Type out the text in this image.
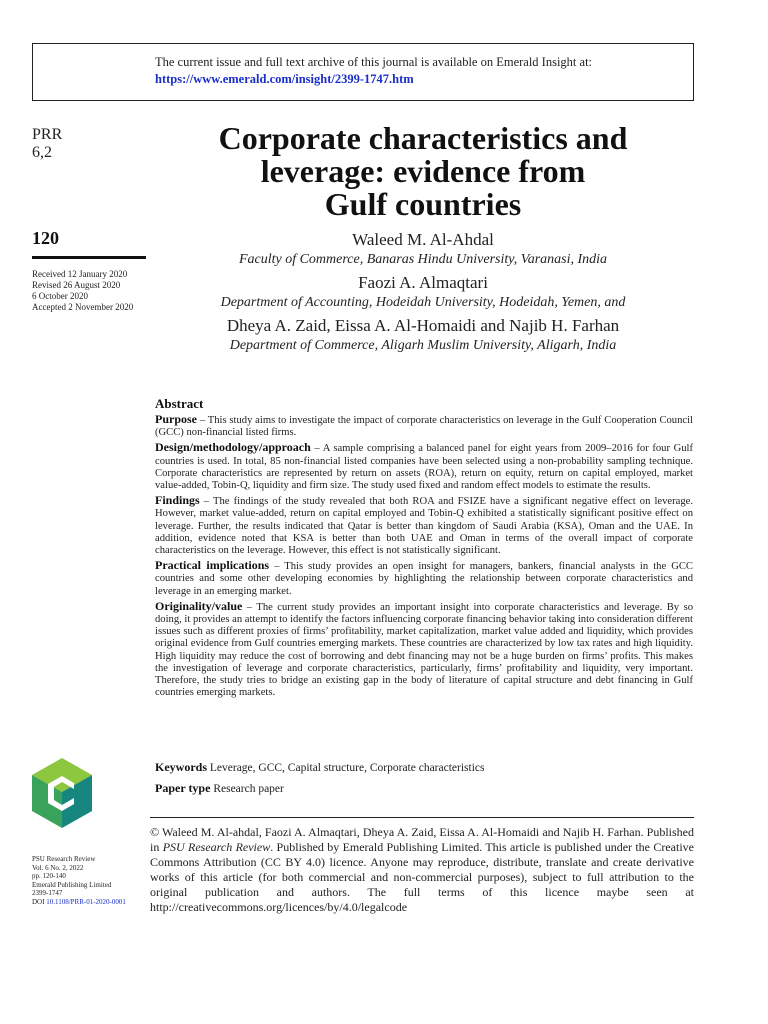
The current issue and full text archive of this journal is available on Emerald Insight at:
https://www.emerald.com/insight/2399-1747.htm
PRR
6,2
120
Received 12 January 2020
Revised 26 August 2020
6 October 2020
Accepted 2 November 2020
Corporate characteristics and
leverage: evidence from
Gulf countries
Waleed M. Al-Ahdal
Faculty of Commerce, Banaras Hindu University, Varanasi, India
Faozi A. Almaqtari
Department of Accounting, Hodeidah University, Hodeidah, Yemen, and
Dheya A. Zaid, Eissa A. Al-Homaidi and Najib H. Farhan
Department of Commerce, Aligarh Muslim University, Aligarh, India
Abstract

Purpose – This study aims to investigate the impact of corporate characteristics on leverage in the Gulf Cooperation Council (GCC) non-financial listed firms.

Design/methodology/approach – A sample comprising a balanced panel for eight years from 2009–2016 for four Gulf countries is used. In total, 85 non-financial listed companies have been selected using a non-probability sampling technique. Corporate characteristics are represented by return on assets (ROA), return on equity, return on capital employed, market value-added, Tobin-Q, liquidity and firm size. The study used fixed and random effect models to estimate the results.

Findings – The findings of the study revealed that both ROA and FSIZE have a significant negative effect on leverage. However, market value-added, return on capital employed and Tobin-Q exhibited a statistically significant positive effect on leverage. Further, the results indicated that Qatar is better than kingdom of Saudi Arabia (KSA), Oman and the UAE. In addition, evidence noted that KSA is better than both UAE and Oman in terms of the overall impact of corporate characteristics on the leverage. However, this effect is not statistically significant.

Practical implications – This study provides an open insight for managers, bankers, financial analysts in the GCC countries and some other developing economies by highlighting the relationship between corporate characteristics and leverage in an emerging market.

Originality/value – The current study provides an important insight into corporate characteristics and leverage. By so doing, it provides an attempt to identify the factors influencing corporate financing behavior taking into consideration different issues such as different proxies of firms’ profitability, market capitalization, market value added and liquidity, which provides original evidence from Gulf countries emerging markets. These countries are characterized by low tax rates and high liquidity. High liquidity may reduce the cost of borrowing and debt financing may not be a huge burden on firms’ profits. This makes the investigation of leverage and corporate characteristics, particularly, firms’ profitability and liquidity, very important. Therefore, the study tries to bridge an existing gap in the body of literature of capital structure and debt financing in Gulf countries emerging markets.

Keywords Leverage, GCC, Capital structure, Corporate characteristics
Paper type Research paper
© Waleed M. Al-ahdal, Faozi A. Almaqtari, Dheya A. Zaid, Eissa A. Al-Homaidi and Najib H. Farhan. Published in PSU Research Review. Published by Emerald Publishing Limited. This article is published under the Creative Commons Attribution (CC BY 4.0) licence. Anyone may reproduce, distribute, translate and create derivative works of this article (for both commercial and non-commercial purposes), subject to full attribution to the original publication and authors. The full terms of this licence maybe seen at http://creativecommons.org/licences/by/4.0/legalcode
PSU Research Review
Vol. 6 No. 2, 2022
pp. 120-140
Emerald Publishing Limited
2399-1747
DOI 10.1108/PRR-01-2020-0001
